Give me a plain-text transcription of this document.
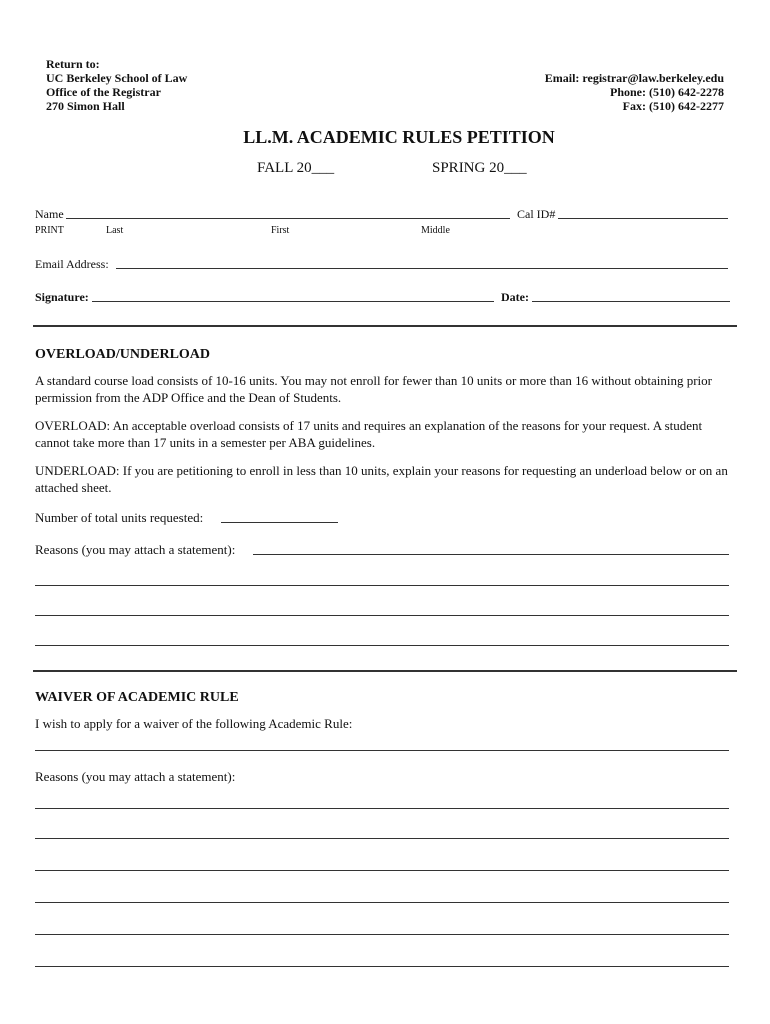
Return to:
UC Berkeley School of Law
Office of the Registrar
270 Simon Hall
Email: registrar@law.berkeley.edu
Phone: (510) 642-2278
Fax: (510) 642-2277
LL.M. ACADEMIC RULES PETITION
FALL 20___	SPRING 20___
Name	Cal ID#
PRINT	Last	First	Middle
Email Address:
Signature:	Date:
OVERLOAD/UNDERLOAD

A standard course load consists of 10-16 units. You may not enroll for fewer than 10 units or more than 16 without obtaining prior permission from the ADP Office and the Dean of Students.

OVERLOAD: An acceptable overload consists of 17 units and requires an explanation of the reasons for your request. A student cannot take more than 17 units in a semester per ABA guidelines.

UNDERLOAD: If you are petitioning to enroll in less than 10 units, explain your reasons for requesting an underload below or on an attached sheet.

Number of total units requested:
Reasons (you may attach a statement):
WAIVER OF ACADEMIC RULE
I wish to apply for a waiver of the following Academic Rule:
Reasons (you may attach a statement):
